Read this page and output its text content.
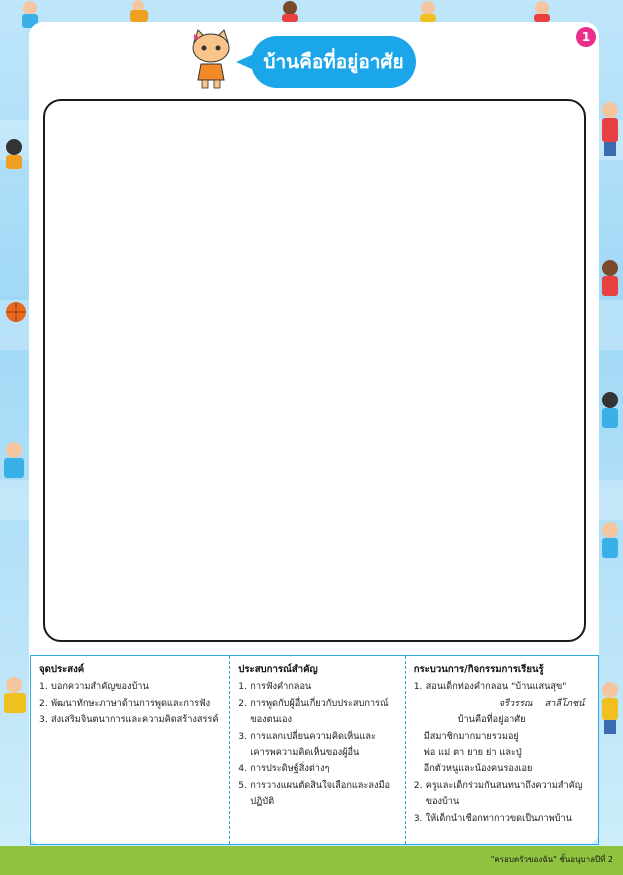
1
บ้านคือที่อยู่อาศัย
จุดประสงค์
1. บอกความสำคัญของบ้าน
2. พัฒนาทักษะภาษาด้านการพูดและการฟัง
3. ส่งเสริมจินตนาการและความคิดสร้างสรรค์
ประสบการณ์สำคัญ
1. การฟังคำกลอน
2. การพูดกับผู้อื่นเกี่ยวกับประสบการณ์ของตนเอง
3. การแลกเปลี่ยนความคิดเห็นและเคารพความคิดเห็นของผู้อื่น
4. การประดิษฐ์สิ่งต่างๆ
5. การวางแผนตัดสินใจเลือกและลงมือปฏิบัติ
กระบวนการ/กิจกรรมการเรียนรู้
1. สอนเด็กท่องคำกลอน "บ้านแสนสุข"
จรีวรรณ สาลีโภชน์
บ้านคือที่อยู่อาศัย
มีสมาชิกมากมายรวมอยู่
พ่อ แม่ ตา ยาย ย่า และปู่
อีกตัวหนูและน้องคนรองเอย
2. ครูและเด็กร่วมกันสนทนาถึงความสำคัญของบ้าน
3. ให้เด็กนำเชือกทากาวขดเป็นภาพบ้าน
"ครอบครัวของฉัน" ชั้นอนุบาลปีที่ 2
